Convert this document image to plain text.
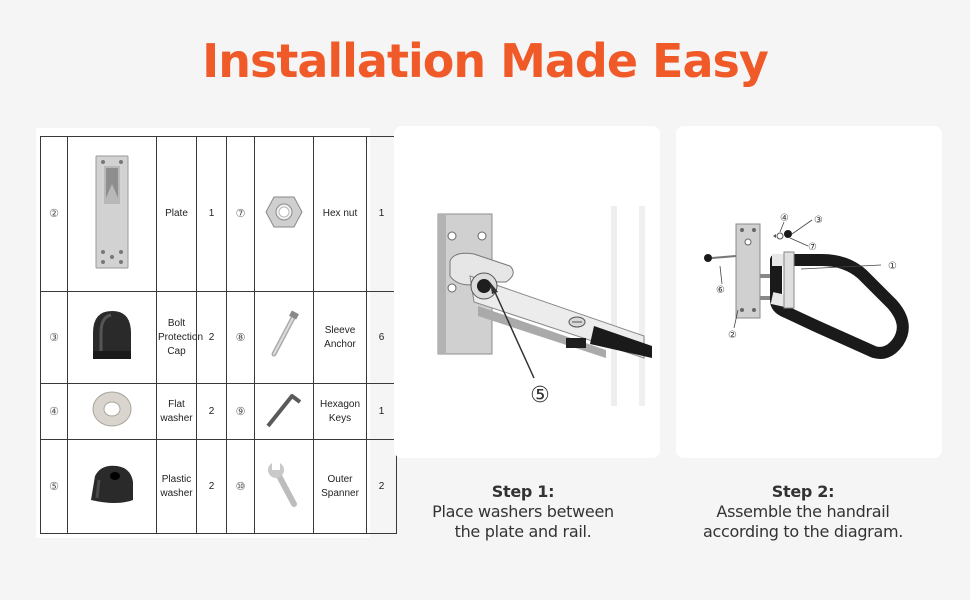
Installation Made Easy
②		Plate	1	⑦		Hex nut	1
③		Bolt Protection Cap	2	⑧		Sleeve Anchor	6
④		Flat washer	2	⑨		Hexagon Keys	1
⑤		Plastic washer	2	⑩		Outer Spanner	2
⑤
①
③
④
⑦
⑥
②
Step 1:
Place washers between
the plate and rail.
Step 2:
Assemble the handrail
according to the diagram.
